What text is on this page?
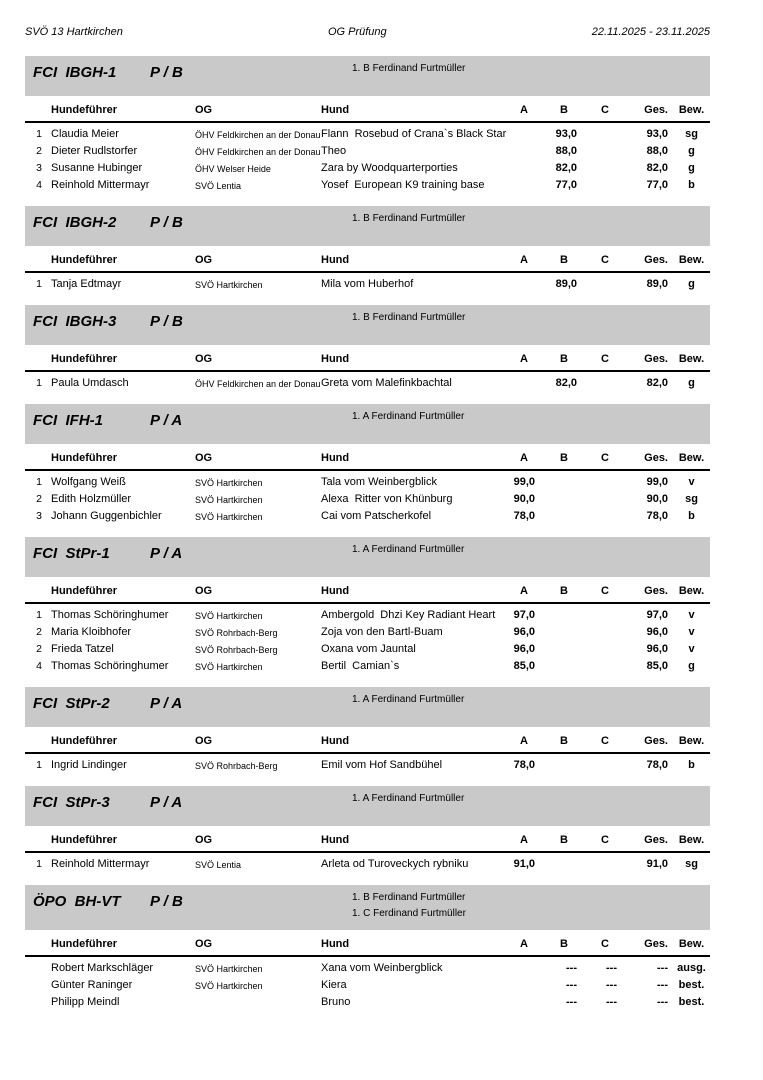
SVÖ 13 Hartkirchen	OG Prüfung	22.11.2025 - 23.11.2025
FCI  IBGH-1 P / B	1. B Ferdinand Furtmüller
	Hundeführer	OG	Hund	A	B	C	Ges.	Bew.
1	Claudia Meier	ÖHV Feldkirchen an der Donau	Flann  Rosebud of Crana`s Black Star		93,0		93,0	sg
2	Dieter Rudlstorfer	ÖHV Feldkirchen an der Donau	Theo		88,0		88,0	g
3	Susanne Hubinger	ÖHV Welser Heide	Zara by Woodquarterporties		82,0		82,0	g
4	Reinhold Mittermayr	SVÖ Lentia	Yosef  European K9 training base		77,0		77,0	b
FCI  IBGH-2 P / B	1. B Ferdinand Furtmüller
	Hundeführer	OG	Hund	A	B	C	Ges.	Bew.
1	Tanja Edtmayr	SVÖ Hartkirchen	Mila vom Huberhof		89,0		89,0	g
FCI  IBGH-3 P / B	1. B Ferdinand Furtmüller
	Hundeführer	OG	Hund	A	B	C	Ges.	Bew.
1	Paula Umdasch	ÖHV Feldkirchen an der Donau	Greta vom Malefinkbachtal		82,0		82,0	g
FCI  IFH-1	P / A	1. A Ferdinand Furtmüller
	Hundeführer	OG	Hund	A	B	C	Ges.	Bew.
1	Wolfgang Weiß	SVÖ Hartkirchen	Tala vom Weinbergblick	99,0			99,0	v
2	Edith Holzmüller	SVÖ Hartkirchen	Alexa  Ritter von Khünburg	90,0			90,0	sg
3	Johann Guggenbichler	SVÖ Hartkirchen	Cai vom Patscherkofel	78,0			78,0	b
FCI  StPr-1	P / A	1. A Ferdinand Furtmüller
	Hundeführer	OG	Hund	A	B	C	Ges.	Bew.
1	Thomas Schöringhumer	SVÖ Hartkirchen	Ambergold  Dhzi Key Radiant Heart	97,0			97,0	v
2	Maria Kloibhofer	SVÖ Rohrbach-Berg	Zoja von den Bartl-Buam	96,0			96,0	v
2	Frieda Tatzel	SVÖ Rohrbach-Berg	Oxana vom Jauntal	96,0			96,0	v
4	Thomas Schöringhumer	SVÖ Hartkirchen	Bertil  Camian`s	85,0			85,0	g
FCI  StPr-2	P / A	1. A Ferdinand Furtmüller
	Hundeführer	OG	Hund	A	B	C	Ges.	Bew.
1	Ingrid Lindinger	SVÖ Rohrbach-Berg	Emil vom Hof Sandbühel	78,0			78,0	b
FCI  StPr-3	P / A	1. A Ferdinand Furtmüller
	Hundeführer	OG	Hund	A	B	C	Ges.	Bew.
1	Reinhold Mittermayr	SVÖ Lentia	Arleta od Turoveckych rybniku	91,0			91,0	sg
ÖPO  BH-VT P / B	1. B Ferdinand Furtmüller
1. C Ferdinand Furtmüller
	Hundeführer	OG	Hund	A	B	C	Ges.	Bew.
	Robert Markschläger	SVÖ Hartkirchen	Xana vom Weinbergblick		---	---	---	ausg.
	Günter Raninger	SVÖ Hartkirchen	Kiera		---	---	---	best.
	Philipp Meindl		Bruno		---	---	---	best.
